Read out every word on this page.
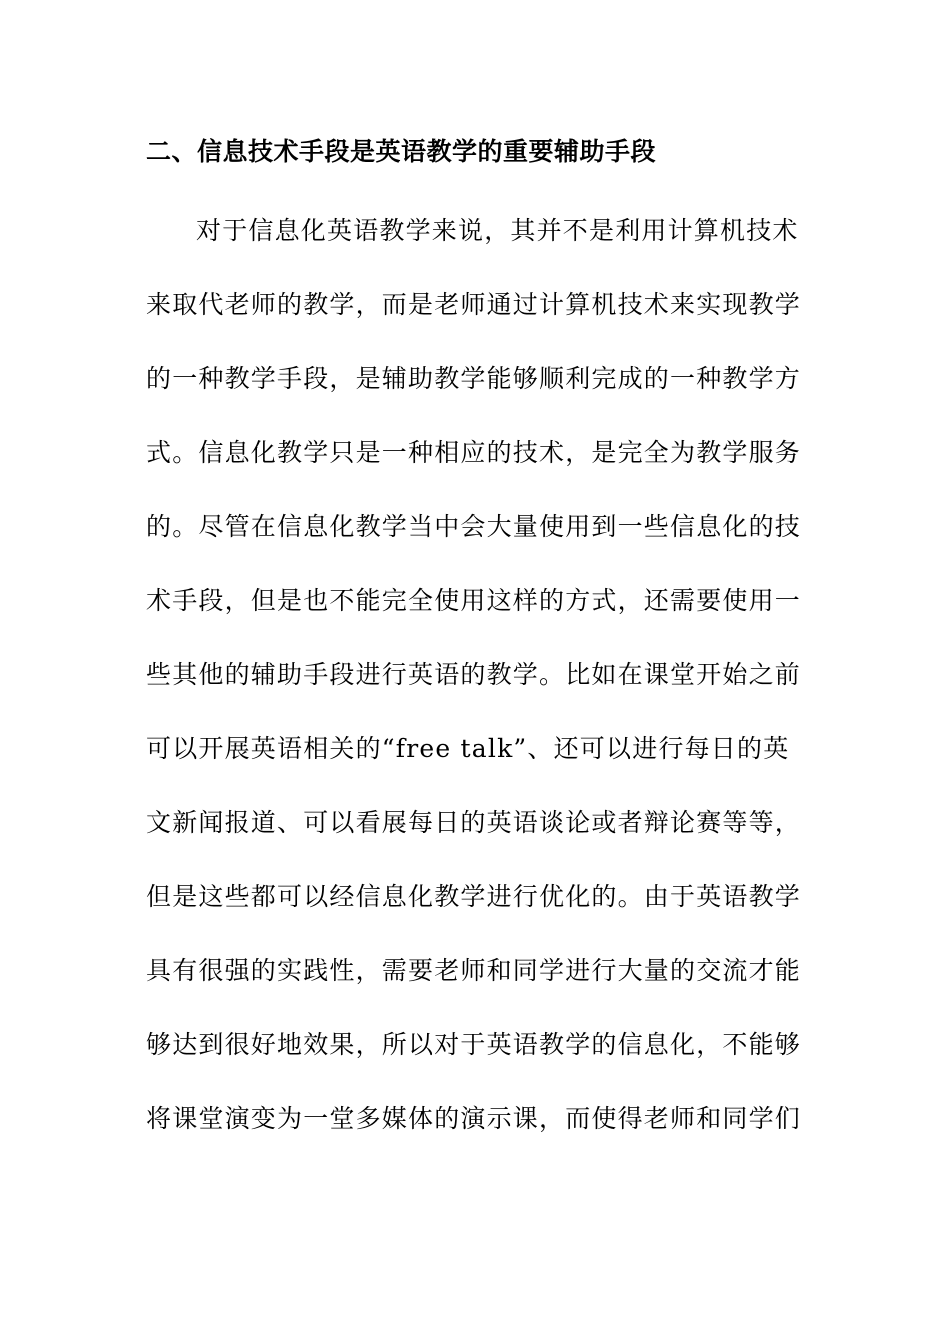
二、信息技术手段是英语教学的重要辅助手段
对于信息化英语教学来说，其并不是利用计算机技术
来取代老师的教学，而是老师通过计算机技术来实现教学
的一种教学手段，是辅助教学能够顺利完成的一种教学方
式。信息化教学只是一种相应的技术，是完全为教学服务
的。尽管在信息化教学当中会大量使用到一些信息化的技
术手段，但是也不能完全使用这样的方式，还需要使用一
些其他的辅助手段进行英语的教学。比如在课堂开始之前
可以开展英语相关的“free talk”、还可以进行每日的英
文新闻报道、可以看展每日的英语谈论或者辩论赛等等，
但是这些都可以经信息化教学进行优化的。由于英语教学
具有很强的实践性，需要老师和同学进行大量的交流才能
够达到很好地效果，所以对于英语教学的信息化，不能够
将课堂演变为一堂多媒体的演示课，而使得老师和同学们
